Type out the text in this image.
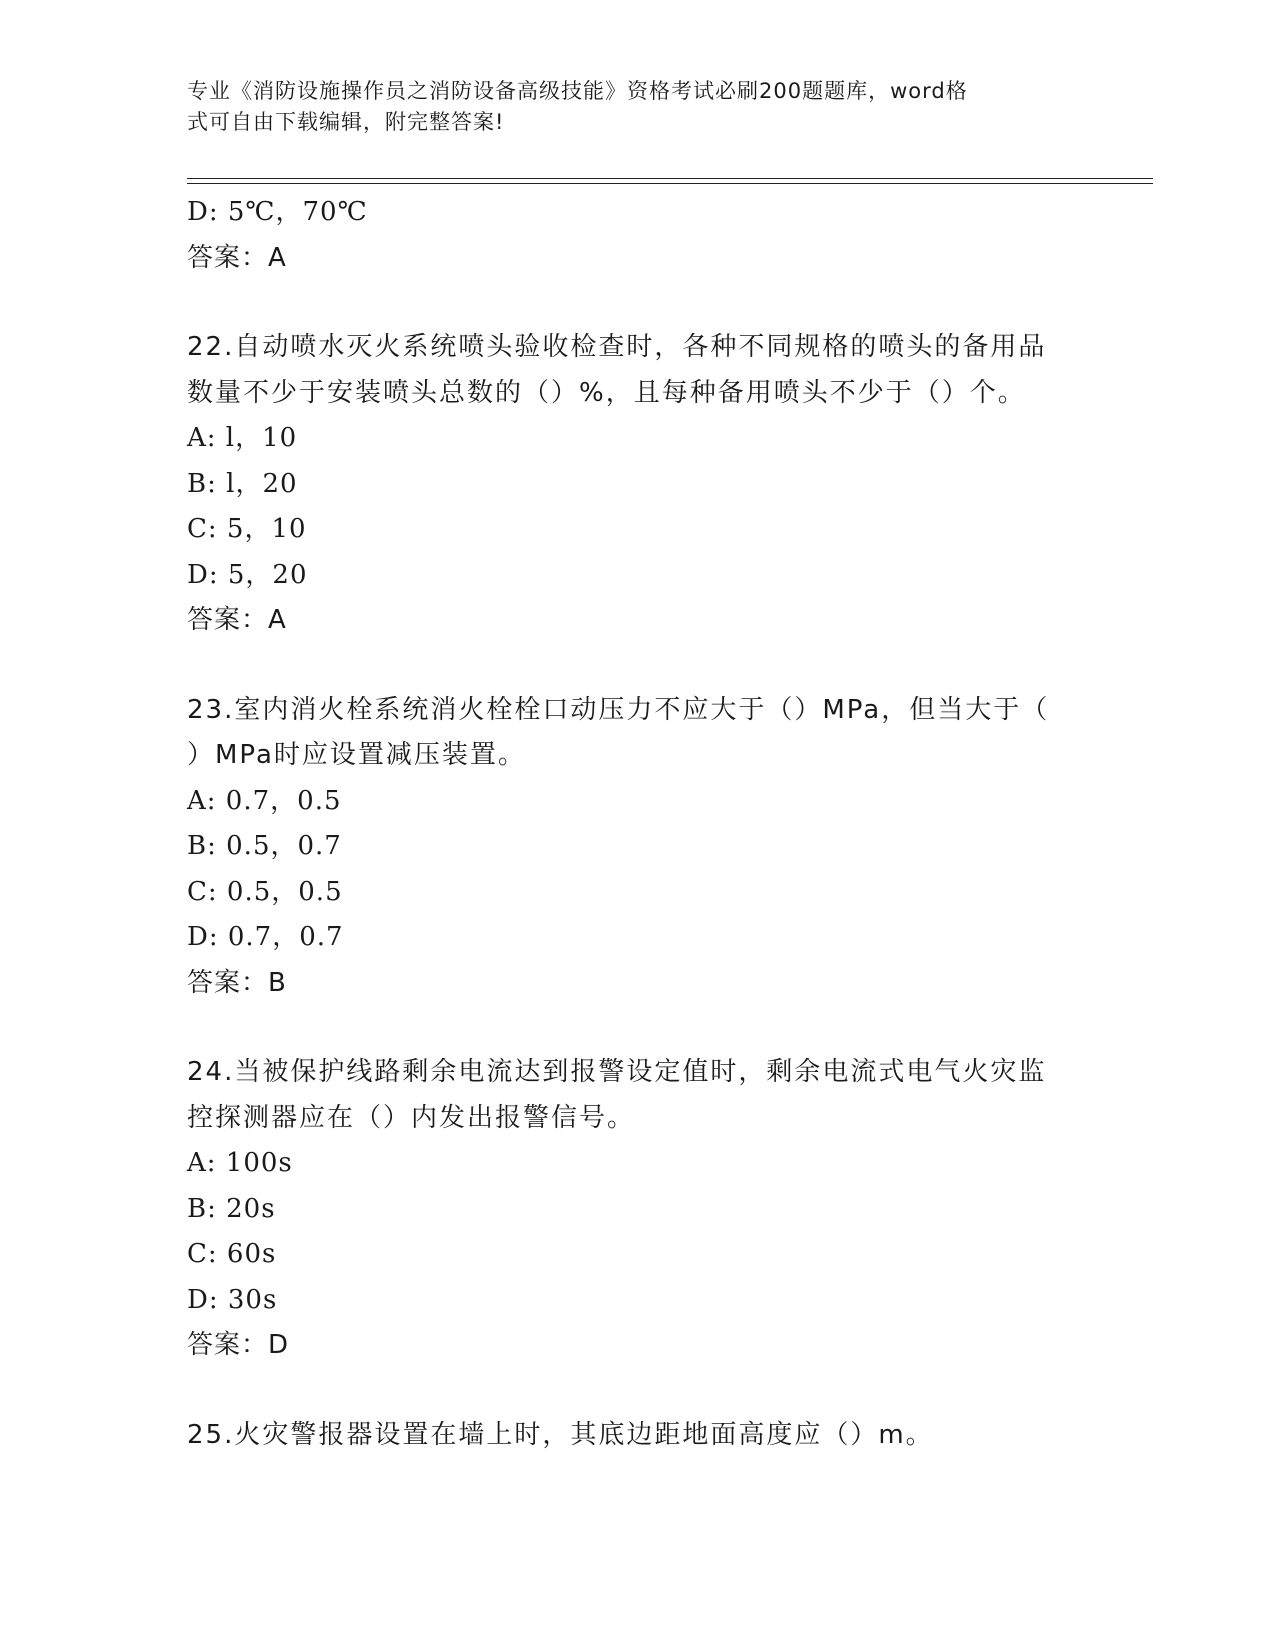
专业《消防设施操作员之消防设备高级技能》资格考试必刷200题题库，word格
式可自由下载编辑，附完整答案!
D: 5℃，70℃
答案：A
22.自动喷水灭火系统喷头验收检查时，各种不同规格的喷头的备用品
数量不少于安装喷头总数的（）%，且每种备用喷头不少于（）个。
A: l，10
B: l，20
C: 5，10
D: 5，20
答案：A
23.室内消火栓系统消火栓栓口动压力不应大于（）MPa，但当大于（
）MPa时应设置减压装置。
A: 0.7，0.5
B: 0.5，0.7
C: 0.5，0.5
D: 0.7，0.7
答案：B
24.当被保护线路剩余电流达到报警设定值时，剩余电流式电气火灾监
控探测器应在（）内发出报警信号。
A: 100s
B: 20s
C: 60s
D: 30s
答案：D
25.火灾警报器设置在墙上时，其底边距地面高度应（）m。
